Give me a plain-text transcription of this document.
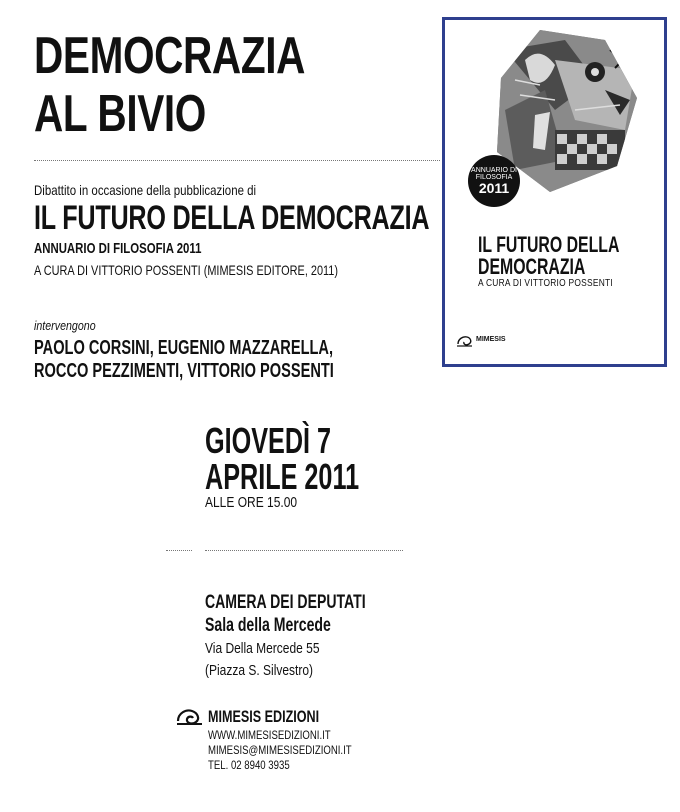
DEMOCRAZIA
AL BIVIO
Dibattito in occasione della pubblicazione di
IL FUTURO DELLA DEMOCRAZIA
ANNUARIO DI FILOSOFIA 2011
A CURA DI VITTORIO POSSENTI (MIMESIS EDITORE, 2011)
intervengono
PAOLO CORSINI, EUGENIO MAZZARELLA,
ROCCO PEZZIMENTI, VITTORIO POSSENTI
GIOVEDÌ 7
APRILE 2011
ALLE ORE 15.00
CAMERA DEI DEPUTATI
Sala della Mercede
Via Della Mercede 55
(Piazza S. Silvestro)
MIMESIS EDIZIONI
WWW.MIMESISEDIZIONI.IT
MIMESIS@MIMESISEDIZIONI.IT
TEL. 02 8940 3935
ANNUARIO DI
FILOSOFIA
2011
IL FUTURO DELLA
DEMOCRAZIA
A CURA DI VITTORIO POSSENTI
MIMESIS
